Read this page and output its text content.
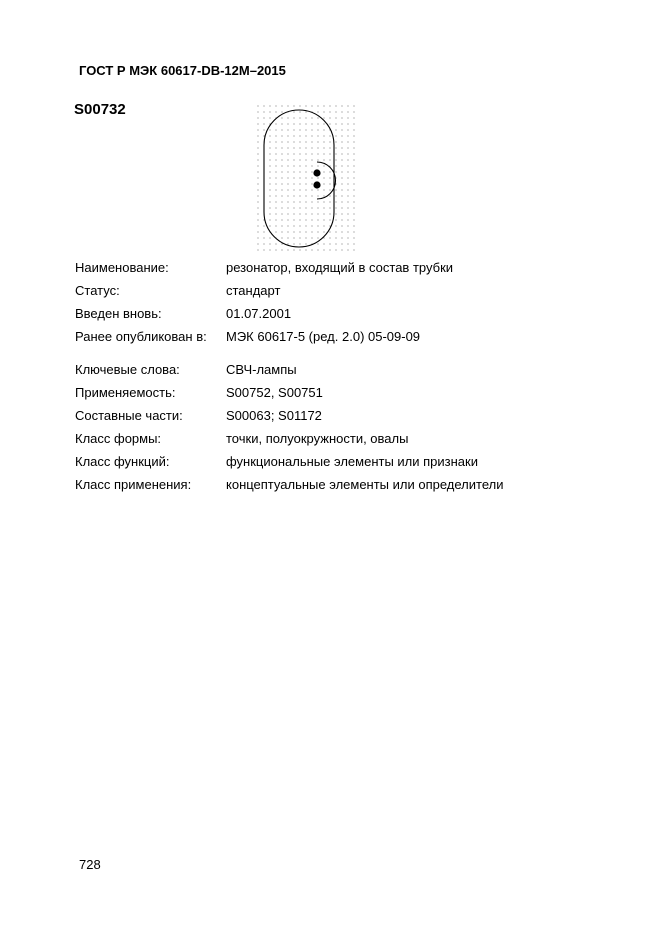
ГОСТ Р МЭК 60617-DB-12M–2015
S00732
Наименование:	резонатор, входящий в состав трубки
Статус:	стандарт
Введен вновь:	01.07.2001
Ранее опубликован в: МЭК 60617-5 (ред. 2.0) 05-09-09
Ключевые слова:	СВЧ-лампы
Применяемость:	S00752, S00751
Составные части:	S00063; S01172
Класс формы:	точки, полуокружности, овалы
Класс функций:	функциональные элементы или признаки
Класс применения:	концептуальные элементы или определители
728
